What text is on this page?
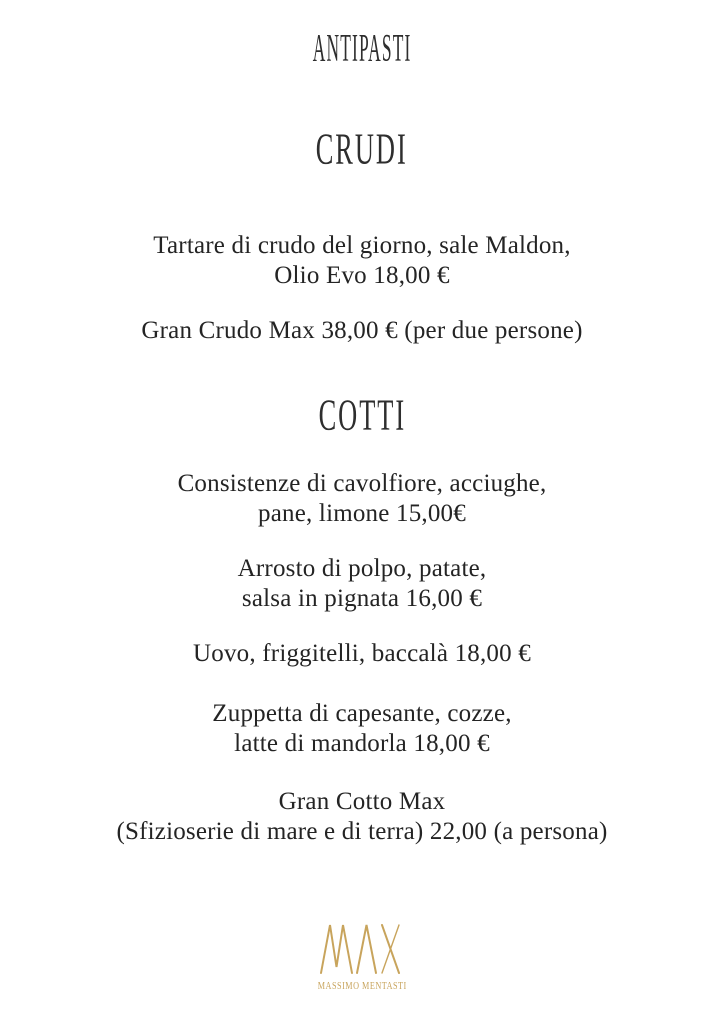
ANTIPASTI
CRUDI
Tartare di crudo del giorno, sale Maldon,
Olio Evo 18,00 €
Gran Crudo Max 38,00 € (per due persone)
COTTI
Consistenze di cavolfiore, acciughe,
pane, limone 15,00€
Arrosto di polpo, patate,
salsa in pignata 16,00 €
Uovo, friggitelli, baccalà 18,00 €
Zuppetta di capesante, cozze,
latte di mandorla 18,00 €
Gran Cotto Max
(Sfizioserie di mare e di terra) 22,00 (a persona)
MASSIMO MENTASTI
